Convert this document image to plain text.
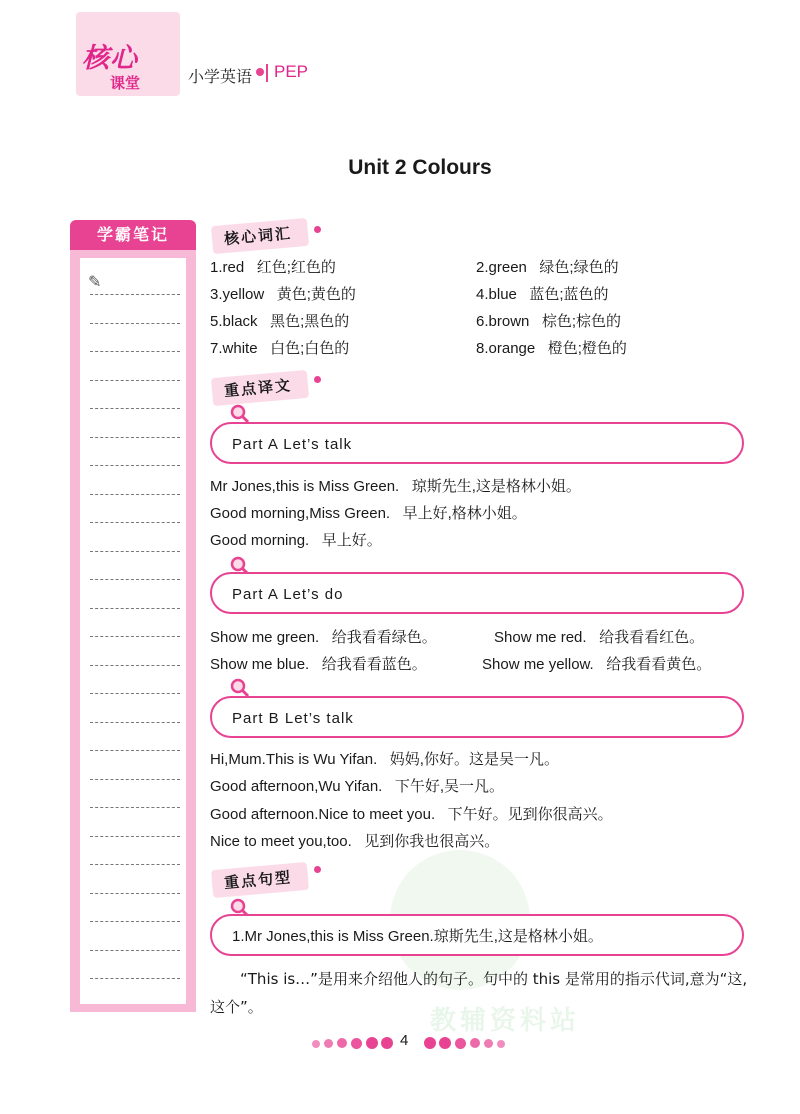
核心
课堂	小学英语 PEP
Unit 2 Colours
学霸笔记
✎
核心词汇
1.red 红色;红色的	2.green 绿色;绿色的
3.yellow 黄色;黄色的	4.blue 蓝色;蓝色的
5.black 黑色;黑色的	6.brown 棕色;棕色的
7.white 白色;白色的	8.orange 橙色;橙色的
重点译文
Part A Let’s talk
Mr Jones,this is Miss Green. 琼斯先生,这是格林小姐。
Good morning,Miss Green. 早上好,格林小姐。
Good morning. 早上好。
Part A Let’s do
Show me green. 给我看看绿色。	Show me red. 给我看看红色。
Show me blue. 给我看看蓝色。	Show me yellow. 给我看看黄色。
Part B Let’s talk
Hi,Mum.This is Wu Yifan. 妈妈,你好。这是吴一凡。
Good afternoon,Wu Yifan. 下午好,吴一凡。
Good afternoon.Nice to meet you. 下午好。见到你很高兴。
Nice to meet you,too. 见到你我也很高兴。
教辅资料站
重点句型
1.Mr Jones,this is Miss Green.琼斯先生,这是格林小姐。
“This is…”是用来介绍他人的句子。句中的 this 是常用的指示代词,意为“这,这个”。
4
